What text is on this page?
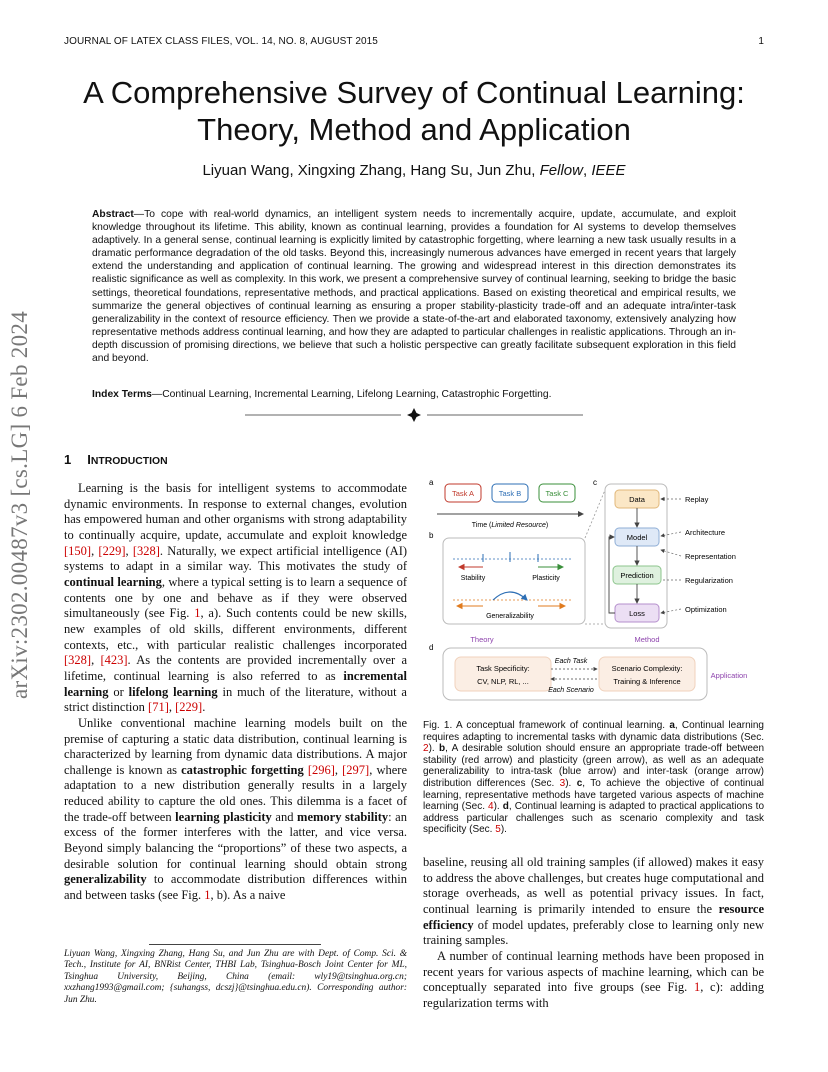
JOURNAL OF LATEX CLASS FILES, VOL. 14, NO. 8, AUGUST 2015	1
arXiv:2302.00487v3 [cs.LG] 6 Feb 2024
A Comprehensive Survey of Continual Learning:
Theory, Method and Application
Liyuan Wang, Xingxing Zhang, Hang Su, Jun Zhu, Fellow, IEEE
Abstract—To cope with real-world dynamics, an intelligent system needs to incrementally acquire, update, accumulate, and exploit knowledge throughout its lifetime. This ability, known as continual learning, provides a foundation for AI systems to develop themselves adaptively. In a general sense, continual learning is explicitly limited by catastrophic forgetting, where learning a new task usually results in a dramatic performance degradation of the old tasks. Beyond this, increasingly numerous advances have emerged in recent years that largely extend the understanding and application of continual learning. The growing and widespread interest in this direction demonstrates its realistic significance as well as complexity. In this work, we present a comprehensive survey of continual learning, seeking to bridge the basic settings, theoretical foundations, representative methods, and practical applications. Based on existing theoretical and empirical results, we summarize the general objectives of continual learning as ensuring a proper stability-plasticity trade-off and an adequate intra/inter-task generalizability in the context of resource efficiency. Then we provide a state-of-the-art and elaborated taxonomy, extensively analyzing how representative methods address continual learning, and how they are adapted to particular challenges in realistic applications. Through an in-depth discussion of promising directions, we believe that such a holistic perspective can greatly facilitate subsequent exploration in this field and beyond.
Index Terms—Continual Learning, Incremental Learning, Lifelong Learning, Catastrophic Forgetting.
1 INTRODUCTION

Learning is the basis for intelligent systems to accommodate dynamic environments. In response to external changes, evolution has empowered human and other organisms with strong adaptability to continually acquire, update, accumulate and exploit knowledge [150], [229], [328]. Naturally, we expect artificial intelligence (AI) systems to adapt in a similar way. This motivates the study of continual learning, where a typical setting is to learn a sequence of contents one by one and behave as if they were observed simultaneously (see Fig. 1, a). Such contents could be new skills, new examples of old skills, different environments, different contexts, etc., with particular realistic challenges incorporated [328], [423]. As the contents are provided incrementally over a lifetime, continual learning is also referred to as incremental learning or lifelong learning in much of the literature, without a strict distinction [71], [229].

Unlike conventional machine learning models built on the premise of capturing a static data distribution, continual learning is characterized by learning from dynamic data distributions. A major challenge is known as catastrophic forgetting [296], [297], where adaptation to a new distribution generally results in a largely reduced ability to capture the old ones. This dilemma is a facet of the trade-off between learning plasticity and memory stability: an excess of the former interferes with the latter, and vice versa. Beyond simply balancing the “proportions” of these two aspects, a desirable solution for continual learning should obtain strong generalizability to accommodate distribution differences within and between tasks (see Fig. 1, b). As a naive

Liyuan Wang, Xingxing Zhang, Hang Su, and Jun Zhu are with Dept. of Comp. Sci. & Tech., Institute for AI, BNRist Center, THBI Lab, Tsinghua-Bosch Joint Center for ML, Tsinghua University, Beijing, China (email: wly19@tsinghua.org.cn; xxzhang1993@gmail.com; {suhangss, dcszj}@tsinghua.edu.cn). Corresponding author: Jun Zhu.
a
b
c
d
Task A	Task B	Task C
Time (Limited Resource)
Stability	Plasticity
Generalizability
Data
Model
Prediction
Loss
Replay
Architecture
Representation
Regularization
Optimization
Theory	Method
Task Specificity:
CV, NLP, RL, ...
Each Task
Each Scenario
Scenario Complexity:
Training & Inference
Application
Fig. 1. A conceptual framework of continual learning. a, Continual learning requires adapting to incremental tasks with dynamic data distributions (Sec. 2). b, A desirable solution should ensure an appropriate trade-off between stability (red arrow) and plasticity (green arrow), as well as an adequate generalizability to intra-task (blue arrow) and inter-task (orange arrow) distribution differences (Sec. 3). c, To achieve the objective of continual learning, representative methods have targeted various aspects of machine learning (Sec. 4). d, Continual learning is adapted to practical applications to address particular challenges such as scenario complexity and task specificity (Sec. 5).

baseline, reusing all old training samples (if allowed) makes it easy to address the above challenges, but creates huge computational and storage overheads, as well as potential privacy issues. In fact, continual learning is primarily intended to ensure the resource efficiency of model updates, preferably close to learning only new training samples.

A number of continual learning methods have been proposed in recent years for various aspects of machine learning, which can be conceptually separated into five groups (see Fig. 1, c): adding regularization terms with
